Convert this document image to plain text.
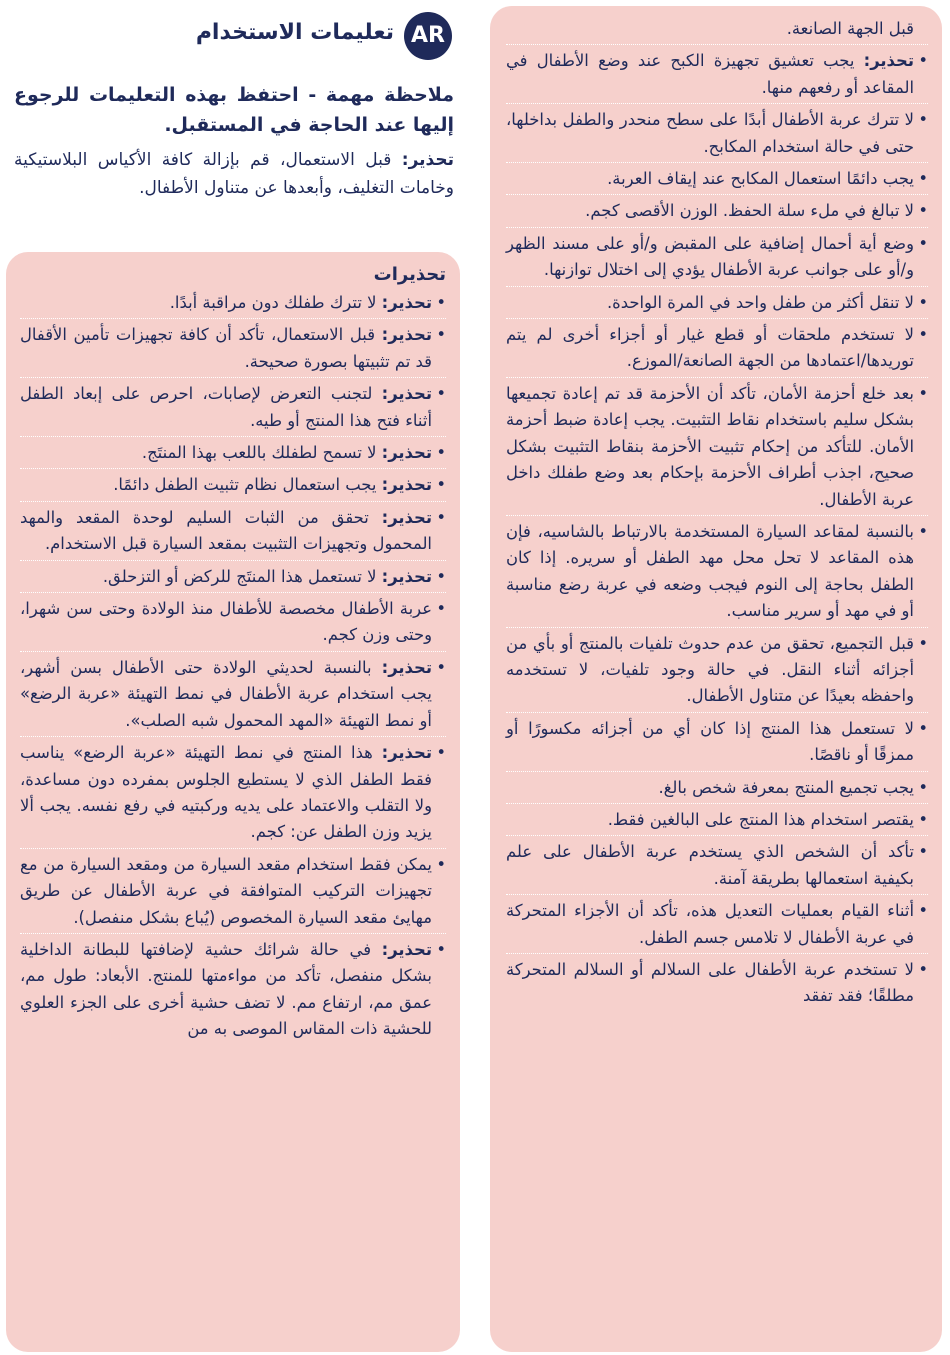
AR
تعليمات الاستخدام
ملاحظة مهمة - احتفظ بهذه التعليمات للرجوع إليها عند الحاجة في المستقبل.
تحذير: قبل الاستعمال، قم بإزالة كافة الأكياس البلاستيكية وخامات التغليف، وأبعدها عن متناول الأطفال.
تحذيرات
• تحذير: لا تترك طفلك دون مراقبة أبدًا.
• تحذير: قبل الاستعمال، تأكد أن كافة تجهيزات تأمين الأقفال قد تم تثبيتها بصورة صحيحة.
• تحذير: لتجنب التعرض لإصابات، احرص على إبعاد الطفل أثناء فتح هذا المنتج أو طيه.
• تحذير: لا تسمح لطفلك باللعب بهذا المنتَج.
• تحذير: يجب استعمال نظام تثبيت الطفل دائمًا.
• تحذير: تحقق من الثبات السليم لوحدة المقعد والمهد المحمول وتجهيزات التثبيت بمقعد السيارة قبل الاستخدام.
• تحذير: لا تستعمل هذا المنتَج للركض أو التزحلق.
• عربة الأطفال مخصصة للأطفال منذ الولادة وحتى سن شهرا، وحتى وزن كجم.
• تحذير: بالنسبة لحديثي الولادة حتى الأطفال بسن أشهر، يجب استخدام عربة الأطفال في نمط التهيئة «عربة الرضع» أو نمط التهيئة «المهد المحمول شبه الصلب».
• تحذير: هذا المنتج في نمط التهيئة «عربة الرضع» يناسب فقط الطفل الذي لا يستطيع الجلوس بمفرده دون مساعدة، ولا التقلب والاعتماد على يديه وركبتيه في رفع نفسه. يجب ألا يزيد وزن الطفل عن: كجم.
• يمكن فقط استخدام مقعد السيارة من ومقعد السيارة من مع تجهيزات التركيب المتوافقة في عربة الأطفال عن طريق مهايئ مقعد السيارة المخصوص (يُباع بشكل منفصل).
• تحذير: في حالة شرائك حشية لإضافتها للبطانة الداخلية بشكل منفصل، تأكد من مواءمتها للمنتج. الأبعاد: طول مم، عمق مم، ارتفاع مم. لا تضف حشية أخرى على الجزء العلوي للحشية ذات المقاس الموصى به من
قبل الجهة الصانعة.
• تحذير: يجب تعشيق تجهيزة الكبح عند وضع الأطفال في المقاعد أو رفعهم منها.
• لا تترك عربة الأطفال أبدًا على سطح منحدر والطفل بداخلها، حتى في حالة استخدام المكابح.
• يجب دائمًا استعمال المكابح عند إيقاف العربة.
• لا تبالغ في ملء سلة الحفظ. الوزن الأقصى كجم.
• وضع أية أحمال إضافية على المقبض و/أو على مسند الظهر و/أو على جوانب عربة الأطفال يؤدي إلى اختلال توازنها.
• لا تنقل أكثر من طفل واحد في المرة الواحدة.
• لا تستخدم ملحقات أو قطع غيار أو أجزاء أخرى لم يتم توريدها/اعتمادها من الجهة الصانعة/الموزع.
• بعد خلع أحزمة الأمان، تأكد أن الأحزمة قد تم إعادة تجميعها بشكل سليم باستخدام نقاط التثبيت. يجب إعادة ضبط أحزمة الأمان. للتأكد من إحكام تثبيت الأحزمة بنقاط التثبيت بشكل صحيح، اجذب أطراف الأحزمة بإحكام بعد وضع طفلك داخل عربة الأطفال.
• بالنسبة لمقاعد السيارة المستخدمة بالارتباط بالشاسيه، فإن هذه المقاعد لا تحل محل مهد الطفل أو سريره. إذا كان الطفل بحاجة إلى النوم فيجب وضعه في عربة رضع مناسبة أو في مهد أو سرير مناسب.
• قبل التجميع، تحقق من عدم حدوث تلفيات بالمنتج أو بأي من أجزائه أثناء النقل. في حالة وجود تلفيات، لا تستخدمه واحفظه بعيدًا عن متناول الأطفال.
• لا تستعمل هذا المنتج إذا كان أي من أجزائه مكسورًا أو ممزقًا أو ناقصًا.
• يجب تجميع المنتج بمعرفة شخص بالغ.
• يقتصر استخدام هذا المنتج على البالغين فقط.
• تأكد أن الشخص الذي يستخدم عربة الأطفال على علم بكيفية استعمالها بطريقة آمنة.
• أثناء القيام بعمليات التعديل هذه، تأكد أن الأجزاء المتحركة في عربة الأطفال لا تلامس جسم الطفل.
• لا تستخدم عربة الأطفال على السلالم أو السلالم المتحركة مطلقًا؛ فقد تفقد
